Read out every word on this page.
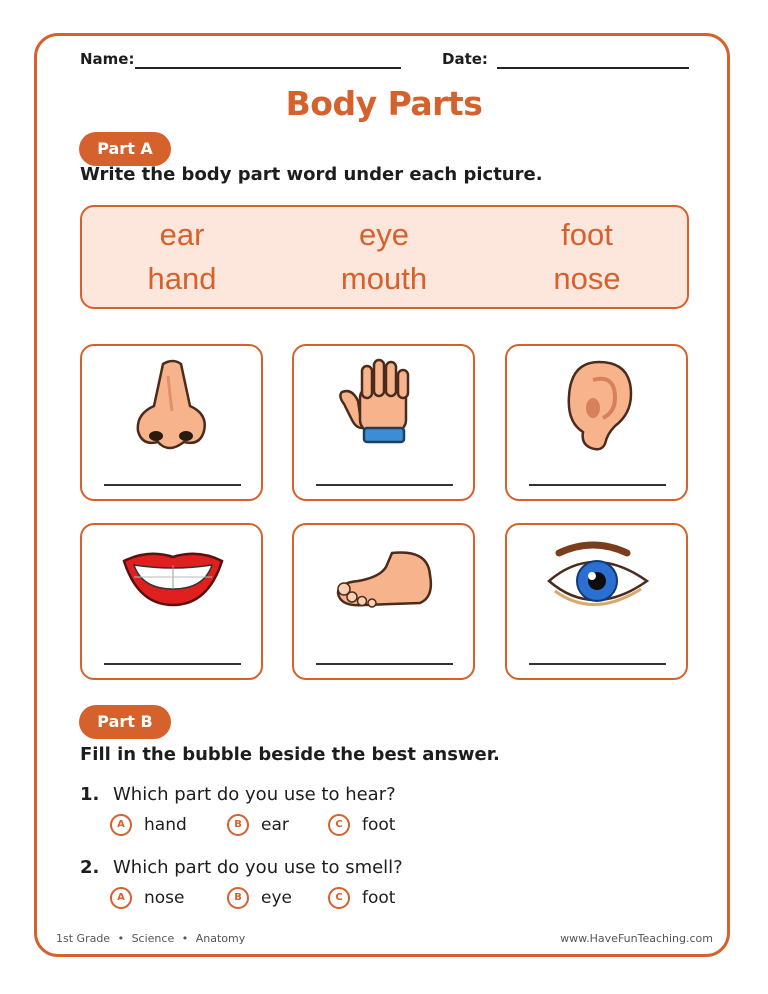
Name:	Date:
Body Parts
Part A
Write the body part word under each picture.
ear	eye	foot
hand	mouth	nose
Part B
Fill in the bubble beside the best answer.
1. Which part do you use to hear?
A hand	B ear	C foot
2. Which part do you use to smell?
A nose	B eye	C foot
1st Grade • Science • Anatomy	www.HaveFunTeaching.com
